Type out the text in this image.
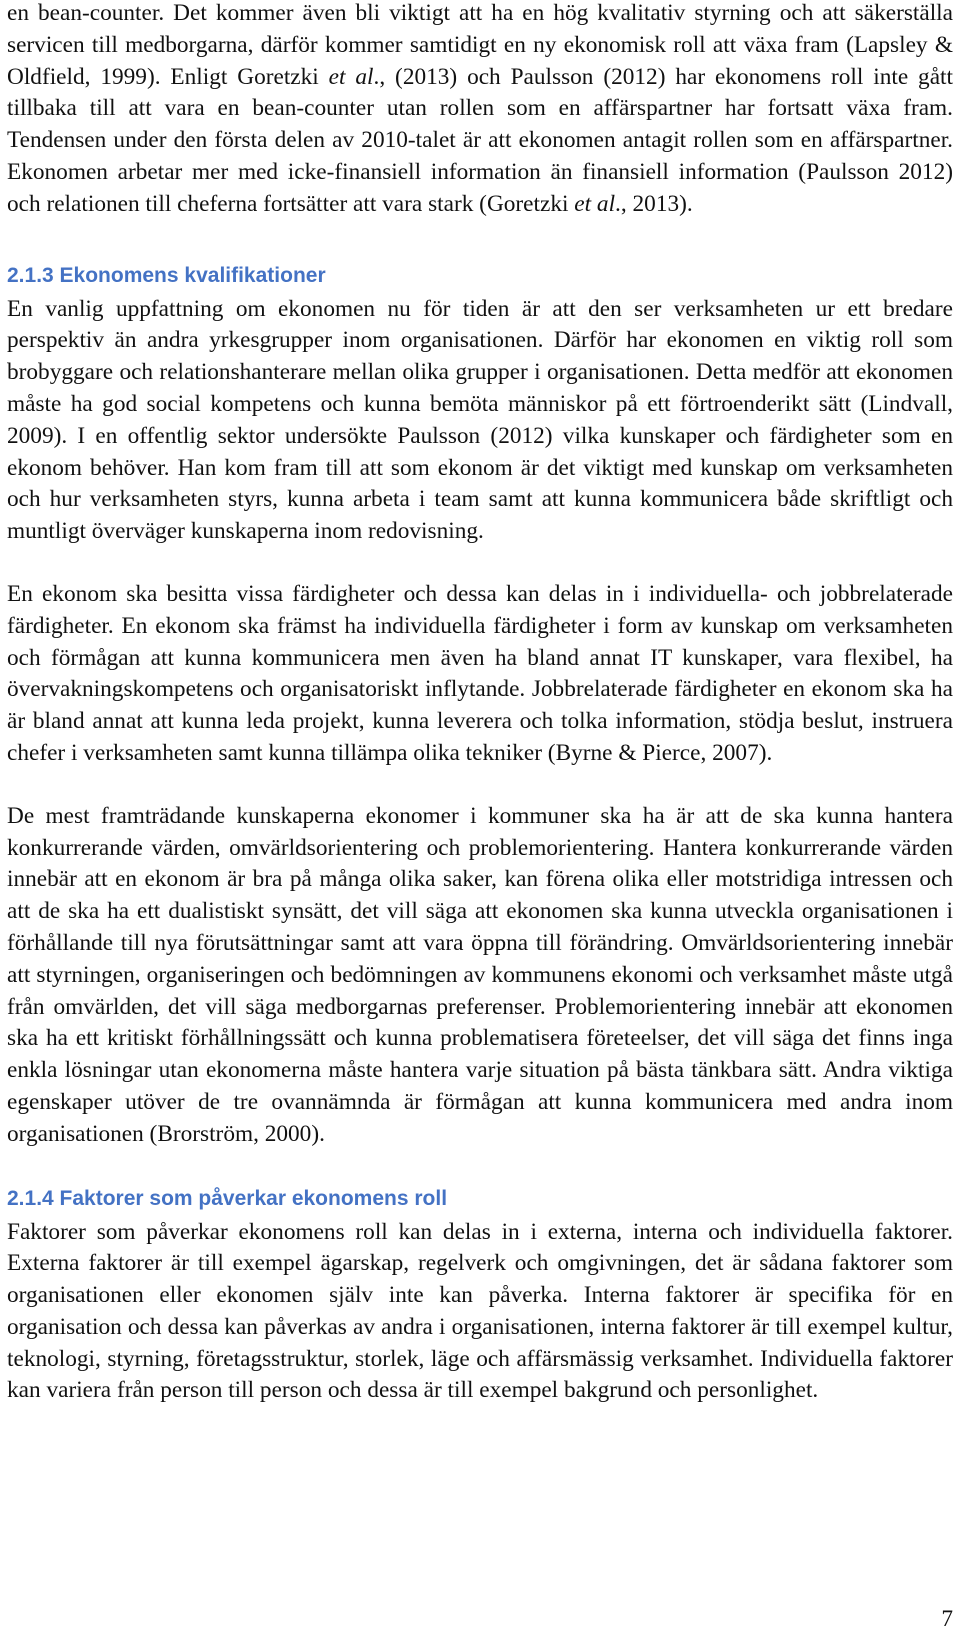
en bean-counter. Det kommer även bli viktigt att ha en hög kvalitativ styrning och att säkerställa servicen till medborgarna, därför kommer samtidigt en ny ekonomisk roll att växa fram (Lapsley & Oldfield, 1999). Enligt Goretzki et al., (2013) och Paulsson (2012) har ekonomens roll inte gått tillbaka till att vara en bean-counter utan rollen som en affärspartner har fortsatt växa fram. Tendensen under den första delen av 2010-talet är att ekonomen antagit rollen som en affärspartner. Ekonomen arbetar mer med icke-finansiell information än finansiell information (Paulsson 2012) och relationen till cheferna fortsätter att vara stark (Goretzki et al., 2013).

2.1.3 Ekonomens kvalifikationer

En vanlig uppfattning om ekonomen nu för tiden är att den ser verksamheten ur ett bredare perspektiv än andra yrkesgrupper inom organisationen. Därför har ekonomen en viktig roll som brobyggare och relationshanterare mellan olika grupper i organisationen. Detta medför att ekonomen måste ha god social kompetens och kunna bemöta människor på ett förtroenderikt sätt (Lindvall, 2009). I en offentlig sektor undersökte Paulsson (2012) vilka kunskaper och färdigheter som en ekonom behöver. Han kom fram till att som ekonom är det viktigt med kunskap om verksamheten och hur verksamheten styrs, kunna arbeta i team samt att kunna kommunicera både skriftligt och muntligt överväger kunskaperna inom redovisning.

En ekonom ska besitta vissa färdigheter och dessa kan delas in i individuella- och jobbrelaterade färdigheter. En ekonom ska främst ha individuella färdigheter i form av kunskap om verksamheten och förmågan att kunna kommunicera men även ha bland annat IT kunskaper, vara flexibel, ha övervakningskompetens och organisatoriskt inflytande. Jobbrelaterade färdigheter en ekonom ska ha är bland annat att kunna leda projekt, kunna leverera och tolka information, stödja beslut, instruera chefer i verksamheten samt kunna tillämpa olika tekniker (Byrne & Pierce, 2007).

De mest framträdande kunskaperna ekonomer i kommuner ska ha är att de ska kunna hantera konkurrerande värden, omvärldsorientering och problemorientering. Hantera konkurrerande värden innebär att en ekonom är bra på många olika saker, kan förena olika eller motstridiga intressen och att de ska ha ett dualistiskt synsätt, det vill säga att ekonomen ska kunna utveckla organisationen i förhållande till nya förutsättningar samt att vara öppna till förändring. Omvärldsorientering innebär att styrningen, organiseringen och bedömningen av kommunens ekonomi och verksamhet måste utgå från omvärlden, det vill säga medborgarnas preferenser. Problemorientering innebär att ekonomen ska ha ett kritiskt förhållningssätt och kunna problematisera företeelser, det vill säga det finns inga enkla lösningar utan ekonomerna måste hantera varje situation på bästa tänkbara sätt. Andra viktiga egenskaper utöver de tre ovannämnda är förmågan att kunna kommunicera med andra inom organisationen (Brorström, 2000).

2.1.4 Faktorer som påverkar ekonomens roll

Faktorer som påverkar ekonomens roll kan delas in i externa, interna och individuella faktorer. Externa faktorer är till exempel ägarskap, regelverk och omgivningen, det är sådana faktorer som organisationen eller ekonomen själv inte kan påverka. Interna faktorer är specifika för en organisation och dessa kan påverkas av andra i organisationen, interna faktorer är till exempel kultur, teknologi, styrning, företagsstruktur, storlek, läge och affärsmässig verksamhet. Individuella faktorer kan variera från person till person och dessa är till exempel bakgrund och personlighet.

7
